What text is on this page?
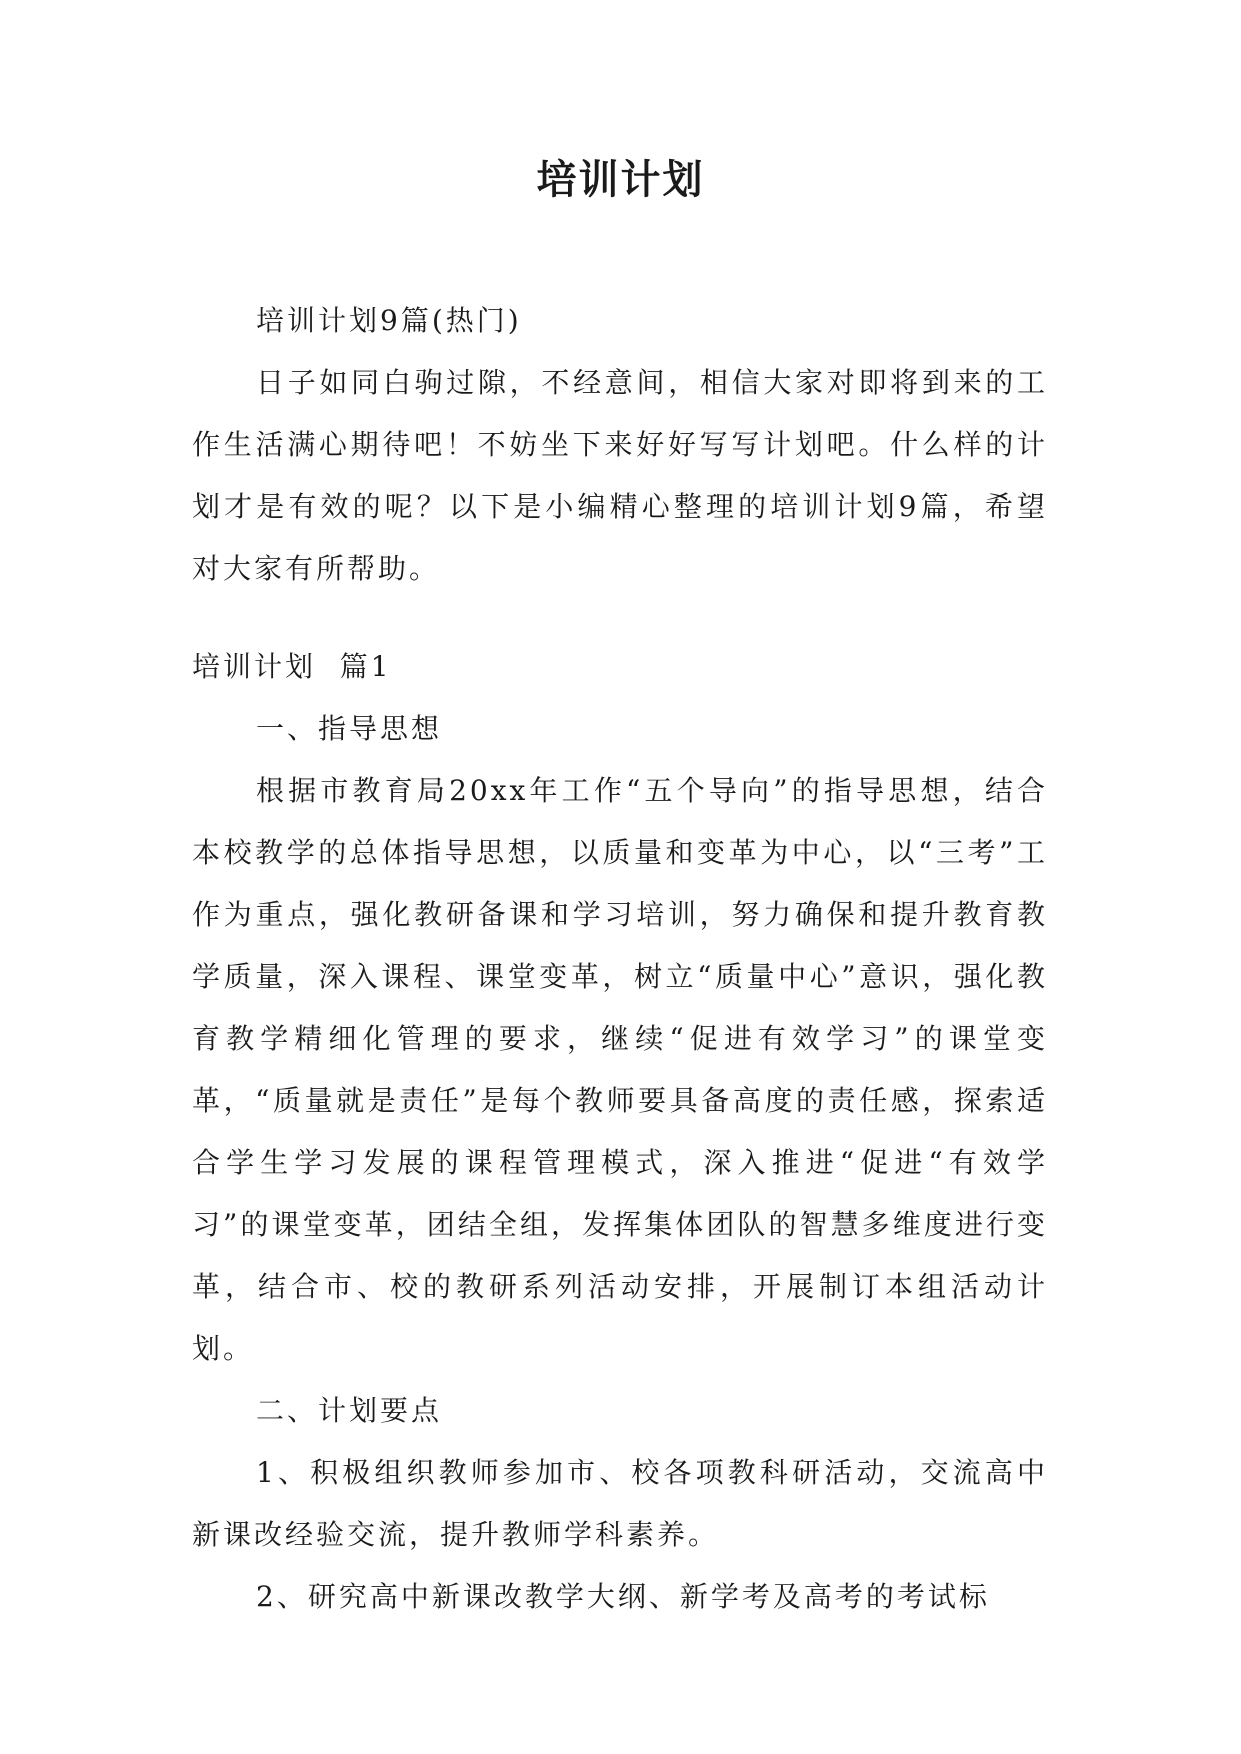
培训计划

培训计划9篇(热门)

日子如同白驹过隙，不经意间，相信大家对即将到来的工作生活满心期待吧！不妨坐下来好好写写计划吧。什么样的计划才是有效的呢？以下是小编精心整理的培训计划9篇，希望对大家有所帮助。

培训计划  篇1

一、指导思想

根据市教育局20xx年工作“五个导向”的指导思想，结合本校教学的总体指导思想，以质量和变革为中心，以“三考”工作为重点，强化教研备课和学习培训，努力确保和提升教育教学质量，深入课程、课堂变革，树立“质量中心”意识，强化教育教学精细化管理的要求，继续“促进有效学习”的课堂变革，“质量就是责任”是每个教师要具备高度的责任感，探索适合学生学习发展的课程管理模式，深入推进“促进“有效学习”的课堂变革，团结全组，发挥集体团队的智慧多维度进行变革，结合市、校的教研系列活动安排，开展制订本组活动计划。

二、计划要点

1、积极组织教师参加市、校各项教科研活动，交流高中新课改经验交流，提升教师学科素养。

2、研究高中新课改教学大纲、新学考及高考的考试标
